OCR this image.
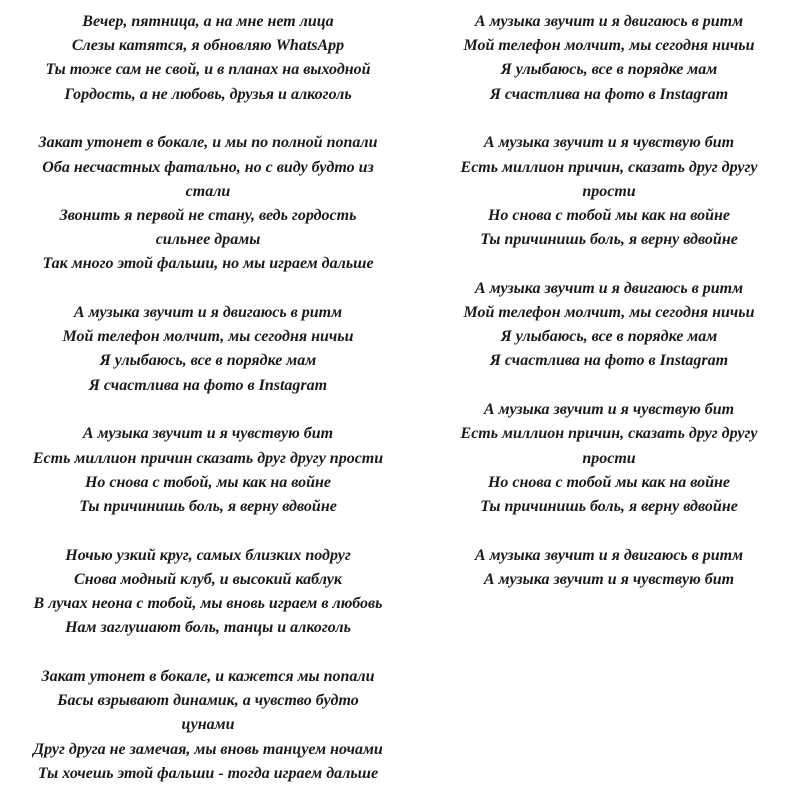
Вечер, пятница, а на мне нет лица
Слезы катятся, я обновляю WhatsApp
Ты тоже сам не свой, и в планах на выходной
Гордость, а не любовь, друзья и алкоголь
Закат утонет в бокале, и мы по полной попали
Оба несчастных фатально, но с виду будто из стали
Звонить я первой не стану, ведь гордость сильнее драмы
Так много этой фальши, но мы играем дальше
А музыка звучит и я двигаюсь в ритм
Мой телефон молчит, мы сегодня ничьи
Я улыбаюсь, все в порядке мам
Я счастлива на фото в Instagram
А музыка звучит и я чувствую бит
Есть миллион причин сказать друг другу прости
Но снова с тобой, мы как на войне
Ты причинишь боль, я верну вдвойне
Ночью узкий круг, самых близких подруг
Снова модный клуб, и высокий каблук
В лучах неона с тобой, мы вновь играем в любовь
Нам заглушают боль, танцы и алкоголь
Закат утонет в бокале, и кажется мы попали
Басы взрывают динамик, а чувство будто цунами
Друг друга не замечая, мы вновь танцуем ночами
Ты хочешь этой фальши - тогда играем дальше
А музыка звучит и я двигаюсь в ритм
Мой телефон молчит, мы сегодня ничьи
Я улыбаюсь, все в порядке мам
Я счастлива на фото в Instagram
А музыка звучит и я чувствую бит
Есть миллион причин, сказать друг другу прости
Но снова с тобой мы как на войне
Ты причинишь боль, я верну вдвойне
А музыка звучит и я двигаюсь в ритм
Мой телефон молчит, мы сегодня ничьи
Я улыбаюсь, все в порядке мам
Я счастлива на фото в Instagram
А музыка звучит и я чувствую бит
Есть миллион причин, сказать друг другу прости
Но снова с тобой мы как на войне
Ты причинишь боль, я верну вдвойне
А музыка звучит и я двигаюсь в ритм
А музыка звучит и я чувствую бит
